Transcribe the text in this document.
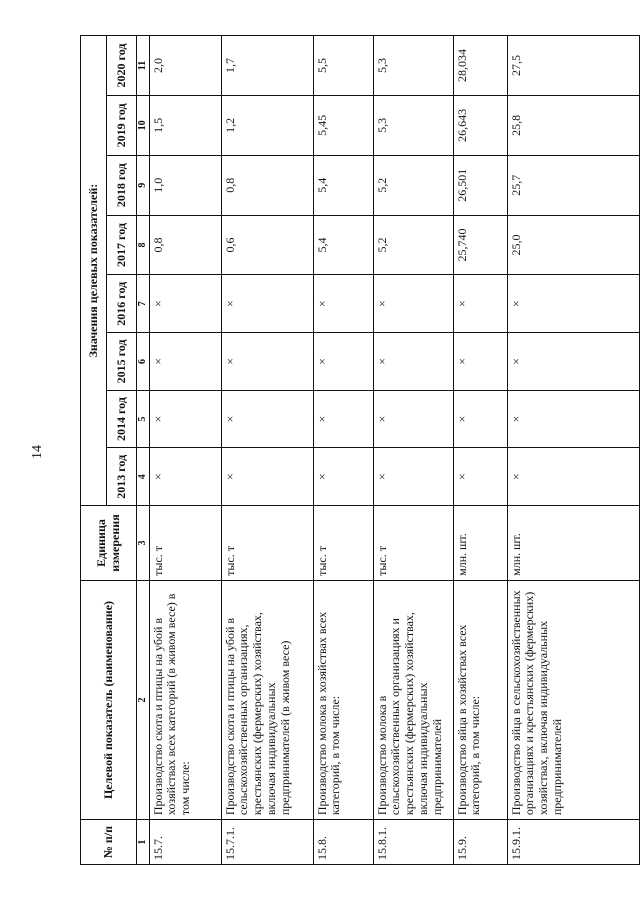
14
№ п/п	Целевой показатель (наименование)	Единица измерения	Значения целевых показателей:							
			2013 год	2014 год	2015 год	2016 год	2017 год	2018 год	2019 год	2020 год
1	2	3	4	5	6	7	8	9	10	11
15.7.	Производство скота и птицы на убой в хозяйствах всех категорий (в живом весе) в том числе:	тыс. т	×	×	×	×	0,8	1,0	1,5	2,0
15.7.1.	Производство скота и птицы на убой в сельскохозяйственных организациях, крестьянских (фермерских) хозяйствах, включая индивидуальных предпринимателей (в живом весе)	тыс. т	×	×	×	×	0,6	0,8	1,2	1,7
15.8.	Производство молока в хозяйствах всех категорий, в том числе:	тыс. т	×	×	×	×	5,4	5,4	5,45	5,5
15.8.1.	Производство молока в сельскохозяйственных организациях и крестьянских (фермерских) хозяйствах, включая индивидуальных предпринимателей	тыс. т	×	×	×	×	5,2	5,2	5,3	5,3
15.9.	Производство яйца в хозяйствах всех категорий, в том числе:	млн. шт.	×	×	×	×	25,740	26,501	26,643	28,034
15.9.1.	Производство яйца в сельскохозяйственных организациях и крестьянских (фермерских) хозяйствах, включая индивидуальных предпринимателей	млн. шт.	×	×	×	×	25,0	25,7	25,8	27,5
